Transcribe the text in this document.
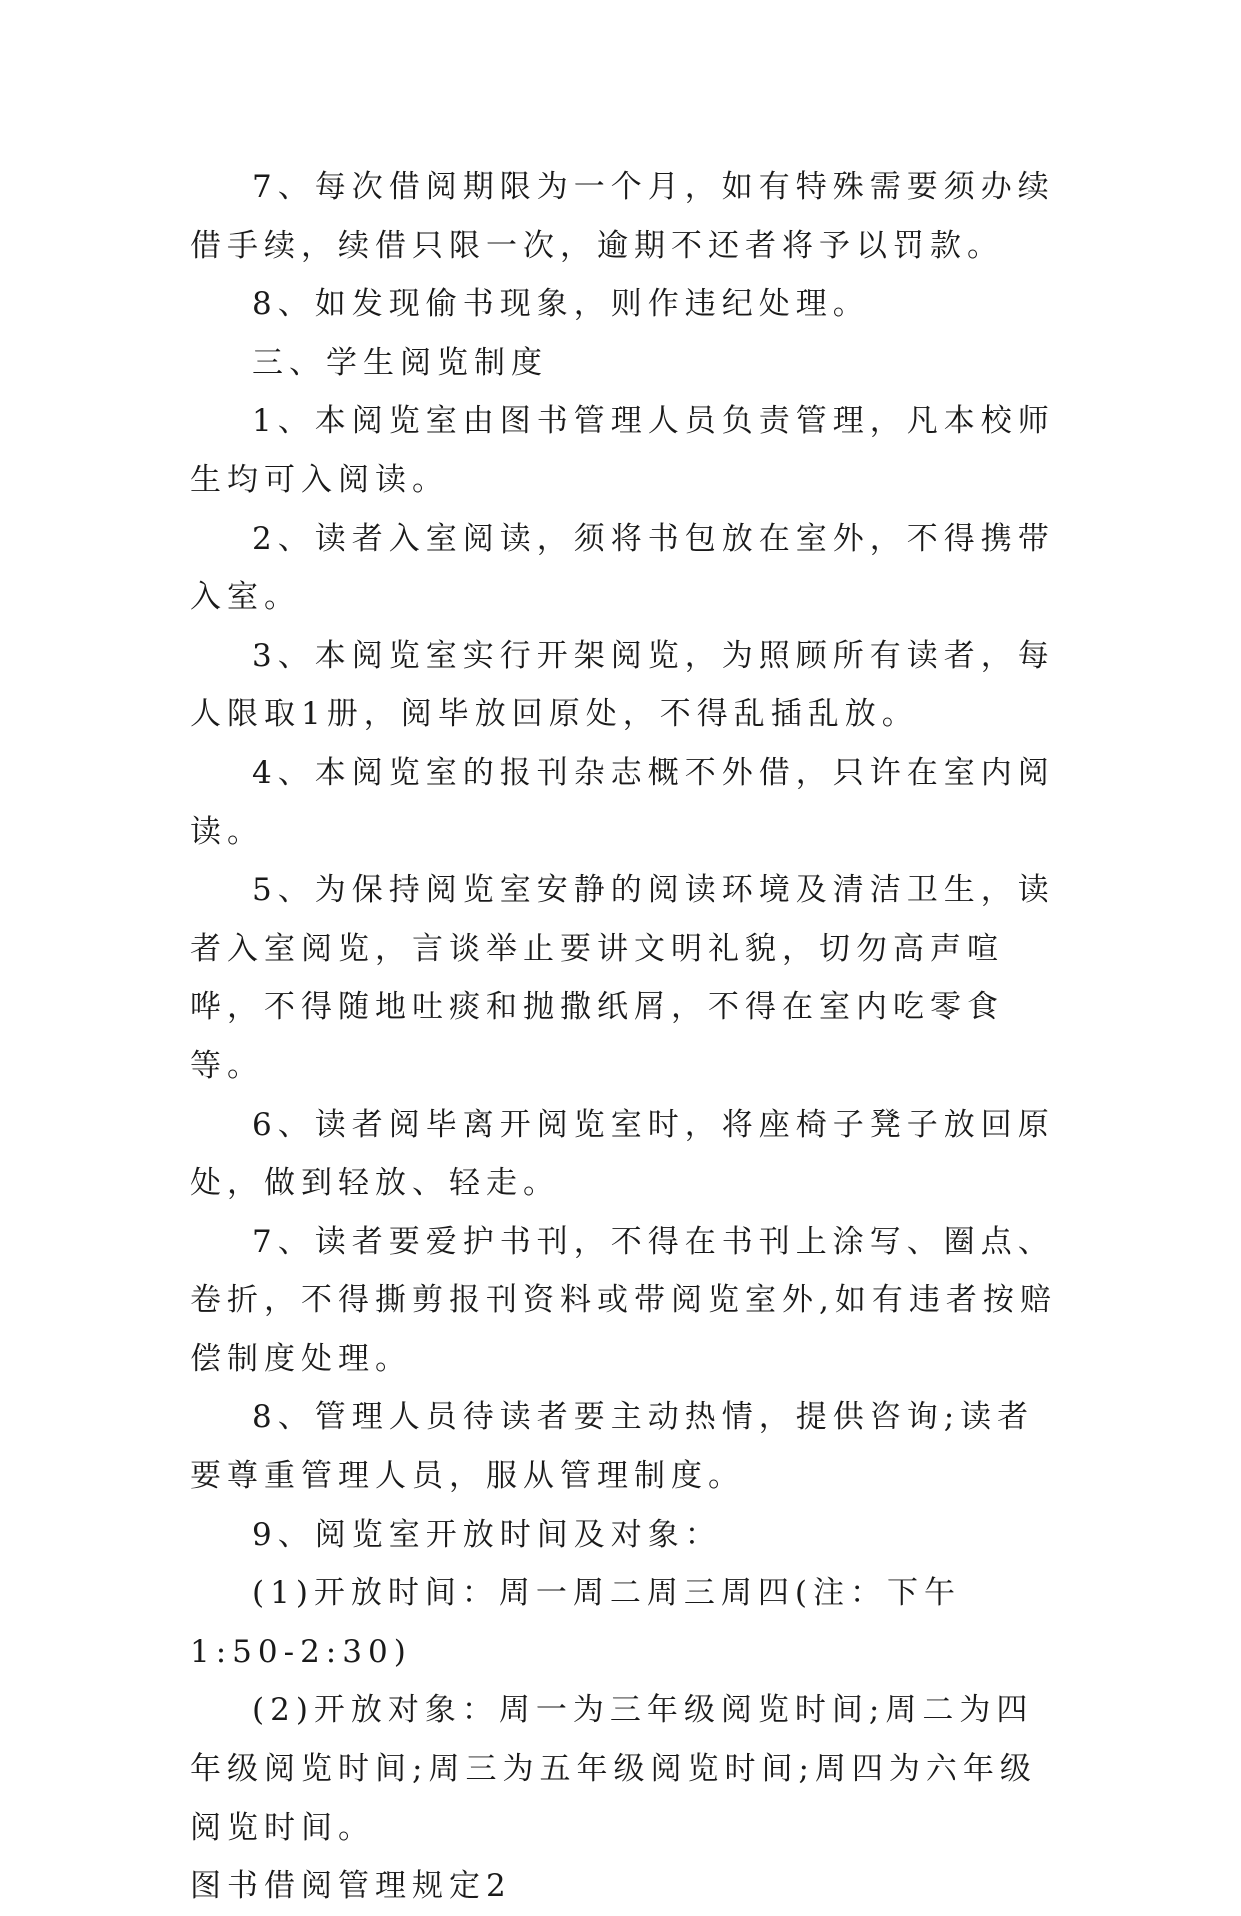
7、每次借阅期限为一个月，如有特殊需要须办续借手续，续借只限一次，逾期不还者将予以罚款。

8、如发现偷书现象，则作违纪处理。

三、学生阅览制度

1、本阅览室由图书管理人员负责管理，凡本校师生均可入阅读。

2、读者入室阅读，须将书包放在室外，不得携带入室。

3、本阅览室实行开架阅览，为照顾所有读者，每人限取1册，阅毕放回原处，不得乱插乱放。

4、本阅览室的报刊杂志概不外借，只许在室内阅读。

5、为保持阅览室安静的阅读环境及清洁卫生，读者入室阅览，言谈举止要讲文明礼貌，切勿高声喧哗，不得随地吐痰和抛撒纸屑，不得在室内吃零食等。

6、读者阅毕离开阅览室时，将座椅子凳子放回原处，做到轻放、轻走。

7、读者要爱护书刊，不得在书刊上涂写、圈点、卷折，不得撕剪报刊资料或带阅览室外,如有违者按赔偿制度处理。

8、管理人员待读者要主动热情，提供咨询;读者要尊重管理人员，服从管理制度。

9、阅览室开放时间及对象：

(1)开放时间：周一周二周三周四(注：下午1:50-2:30)

(2)开放对象：周一为三年级阅览时间;周二为四年级阅览时间;周三为五年级阅览时间;周四为六年级阅览时间。

图书借阅管理规定2
